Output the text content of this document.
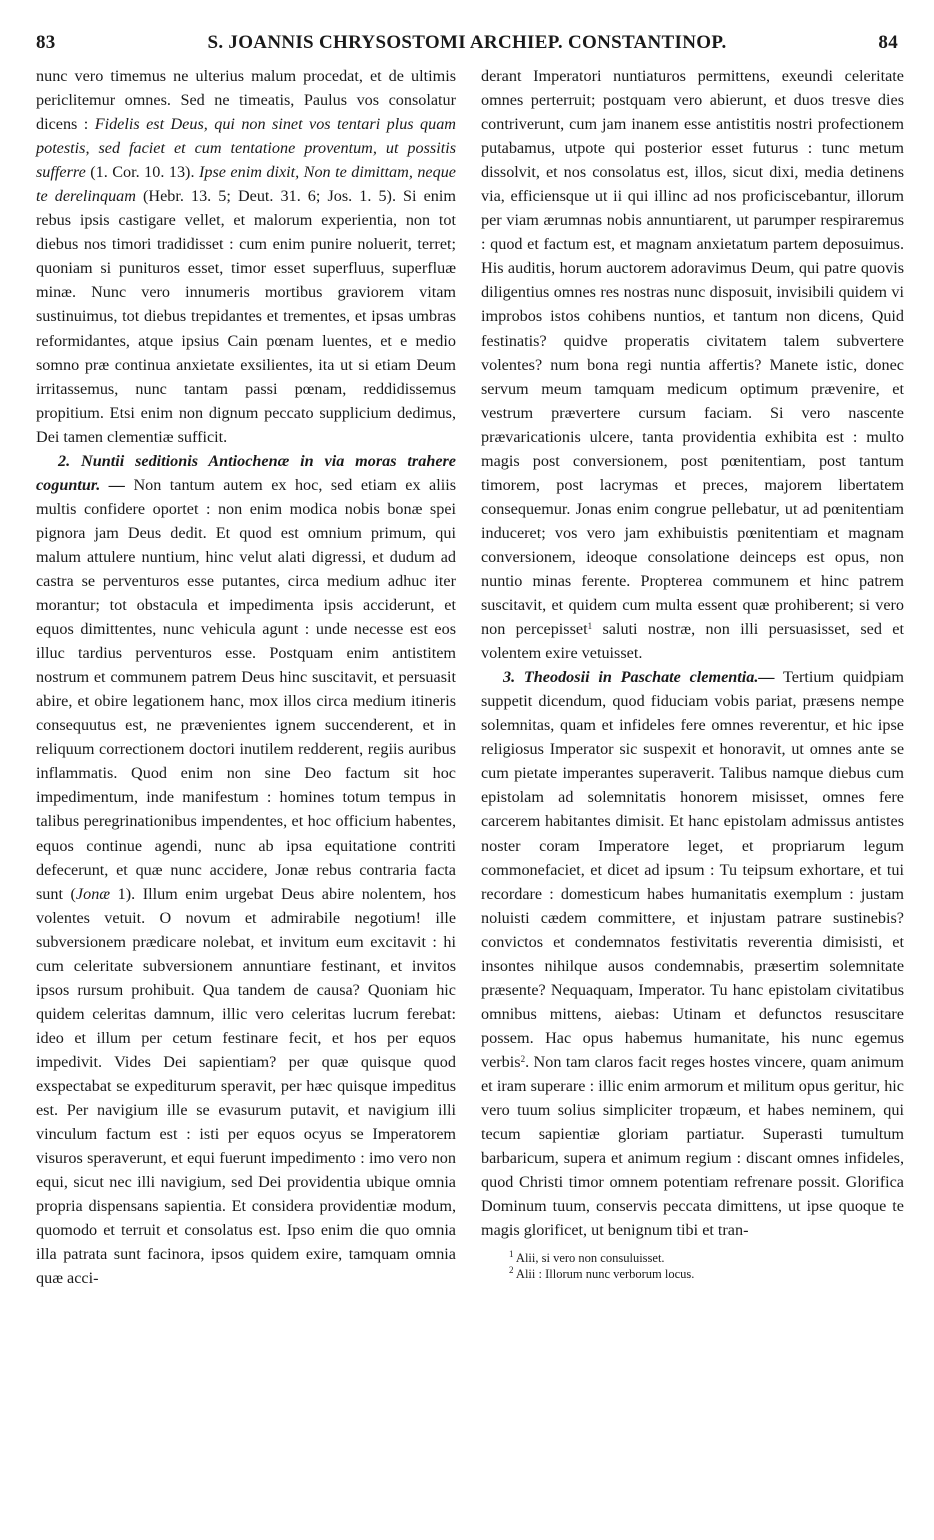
83	S. JOANNIS CHRYSOSTOMI ARCHIEP. CONSTANTINOP.	84

nunc vero timemus ne ulterius malum procedat, et de ultimis periclitemur omnes. Sed ne timeatis, Paulus vos consolatur dicens : Fidelis est Deus, qui non sinet vos tentari plus quam potestis, sed faciet et cum tentatione proventum, ut possitis sufferre (1. Cor. 10. 13). Ipse enim dixit, Non te dimittam, neque te derelinquam (Hebr. 13. 5; Deut. 31. 6; Jos. 1. 5). Si enim rebus ipsis castigare vellet, et malorum experientia, non tot diebus nos timori tradidisset : cum enim punire noluerit, terret; quoniam si punituros esset, timor esset superfluus, superfluæ minæ. Nunc vero innumeris mortibus graviorem vitam sustinuimus, tot diebus trepidantes et trementes, et ipsas umbras reformidantes, atque ipsius Cain pœnam luentes, et e medio somno præ continua anxietate exsilientes, ita ut si etiam Deum irritassemus, nunc tantam passi pœnam, reddidissemus propitium. Etsi enim non dignum peccato supplicium dedimus, Dei tamen clementiæ sufficit.

2. Nuntii seditionis Antiochenæ in via moras trahere coguntur. — Non tantum autem ex hoc, sed etiam ex aliis multis confidere oportet : non enim modica nobis bonæ spei pignora jam Deus dedit. Et quod est omnium primum, qui malum attulere nuntium, hinc velut alati digressi, et dudum ad castra se perventuros esse putantes, circa medium adhuc iter morantur; tot obstacula et impedimenta ipsis acciderunt, et equos dimittentes, nunc vehicula agunt : unde necesse est eos illuc tardius perventuros esse. Postquam enim antistitem nostrum et communem patrem Deus hinc suscitavit, et persuasit abire, et obire legationem hanc, mox illos circa medium itineris consequutus est, ne prævenientes ignem succenderent, et in reliquum correctionem doctori inutilem redderent, regiis auribus inflammatis. Quod enim non sine Deo factum sit hoc impedimentum, inde manifestum : homines totum tempus in talibus peregrinationibus impendentes, et hoc officium habentes, equos continue agendi, nunc ab ipsa equitatione contriti defecerunt, et quæ nunc accidere, Jonæ rebus contraria facta sunt (Jonæ 1). Illum enim urgebat Deus abire nolentem, hos volentes vetuit. O novum et admirabile negotium! ille subversionem prædicare nolebat, et invitum eum excitavit : hi cum celeritate subversionem annuntiare festinant, et invitos ipsos rursum prohibuit. Qua tandem de causa? Quoniam hic quidem celeritas damnum, illic vero celeritas lucrum ferebat: ideo et illum per cetum festinare fecit, et hos per equos impedivit. Vides Dei sapientiam? per quæ quisque quod exspectabat se expediturum speravit, per hæc quisque impeditus est. Per navigium ille se evasurum putavit, et navigium illi vinculum factum est : isti per equos ocyus se Imperatorem visuros speraverunt, et equi fuerunt impedimento : imo vero non equi, sicut nec illi navigium, sed Dei providentia ubique omnia propria dispensans sapientia. Et considera providentiæ modum, quomodo et terruit et consolatus est. Ipso enim die quo omnia illa patrata sunt facinora, ipsos quidem exire, tamquam omnia quæ acci-

derant Imperatori nuntiaturos permittens, exeundi celeritate omnes perterruit; postquam vero abierunt, et duos tresve dies contriverunt, cum jam inanem esse antistitis nostri profectionem putabamus, utpote qui posterior esset futurus : tunc metum dissolvit, et nos consolatus est, illos, sicut dixi, media detinens via, efficiensque ut ii qui illinc ad nos proficiscebantur, illorum per viam ærumnas nobis annuntiarent, ut parumper respiraremus : quod et factum est, et magnam anxietatum partem deposuimus. His auditis, horum auctorem adoravimus Deum, qui patre quovis diligentius omnes res nostras nunc disposuit, invisibili quidem vi improbos istos cohibens nuntios, et tantum non dicens, Quid festinatis? quidve properatis civitatem talem subvertere volentes? num bona regi nuntia affertis? Manete istic, donec servum meum tamquam medicum optimum prævenire, et vestrum prævertere cursum faciam. Si vero nascente prævaricationis ulcere, tanta providentia exhibita est : multo magis post conversionem, post pœnitentiam, post tantum timorem, post lacrymas et preces, majorem libertatem consequemur. Jonas enim congrue pellebatur, ut ad pœnitentiam induceret; vos vero jam exhibuistis pœnitentiam et magnam conversionem, ideoque consolatione deinceps est opus, non nuntio minas ferente. Propterea communem et hinc patrem suscitavit, et quidem cum multa essent quæ prohiberent; si vero non percepisset$^1$ saluti nostræ, non illi persuasisset, sed et volentem exire vetuisset.

3. Theodosii in Paschate clementia.— Tertium quidpiam suppetit dicendum, quod fiduciam vobis pariat, præsens nempe solemnitas, quam et infideles fere omnes reverentur, et hic ipse religiosus Imperator sic suspexit et honoravit, ut omnes ante se cum pietate imperantes superaverit. Talibus namque diebus cum epistolam ad solemnitatis honorem misisset, omnes fere carcerem habitantes dimisit. Et hanc epistolam admissus antistes noster coram Imperatore leget, et propriarum legum commonefaciet, et dicet ad ipsum : Tu teipsum exhortare, et tui recordare : domesticum habes humanitatis exemplum : justam noluisti cædem committere, et injustam patrare sustinebis? convictos et condemnatos festivitatis reverentia dimisisti, et insontes nihilque ausos condemnabis, præsertim solemnitate præsente? Nequaquam, Imperator. Tu hanc epistolam civitatibus omnibus mittens, aiebas: Utinam et defunctos resuscitare possem. Hac opus habemus humanitate, his nunc egemus verbis$^2$. Non tam claros facit reges hostes vincere, quam animum et iram superare : illic enim armorum et militum opus geritur, hic vero tuum solius simpliciter tropæum, et habes neminem, qui tecum sapientiæ gloriam partiatur. Superasti tumultum barbaricum, supera et animum regium : discant omnes infideles, quod Christi timor omnem potentiam refrenare possit. Glorifica Dominum tuum, conservis peccata dimittens, ut ipse quoque te magis glorificet, ut benignum tibi et tran-

$^1$ Alii, si vero non consuluisset.
$^2$ Alii : Illorum nunc verborum locus.
